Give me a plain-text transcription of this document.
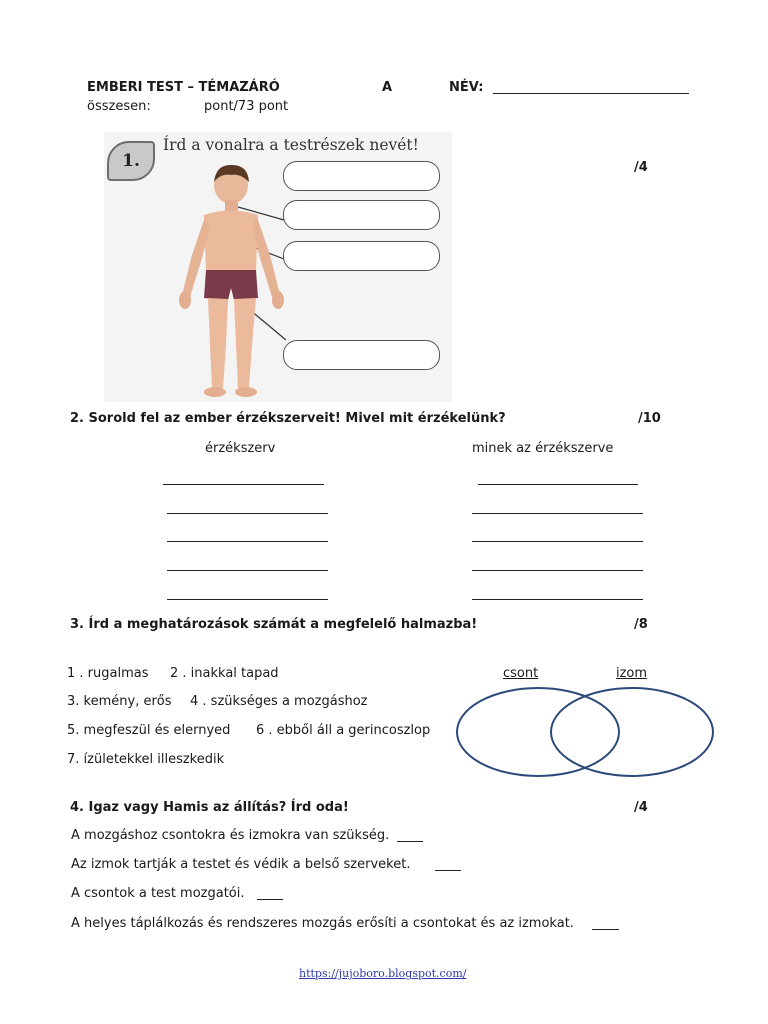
EMBERI TEST – TÉMAZÁRÓ	A	NÉV:
összesen:	pont/73 pont
1.
Írd a vonalra a testrészek nevét!
/4
2. Sorold fel az ember érzékszerveit! Mivel mit érzékelünk?	/10
érzékszerv	minek az érzékszerve
3. Írd a meghatározások számát a megfelelő halmazba!	/8
1 . rugalmas 2 . inakkal tapad
3. kemény, erős 4 . szükséges a mozgáshoz
5. megfeszül és elernyed 6 . ebből áll a gerincoszlop
7. ízületekkel illeszkedik
csont	izom
4. Igaz vagy Hamis az állítás? Írd oda!	/4
A mozgáshoz csontokra és izmokra van szükség.
Az izmok tartják a testet és védik a belső szerveket.
A csontok a test mozgatói.
A helyes táplálkozás és rendszeres mozgás erősíti a csontokat és az izmokat.
https://jujoboro.blogspot.com/
